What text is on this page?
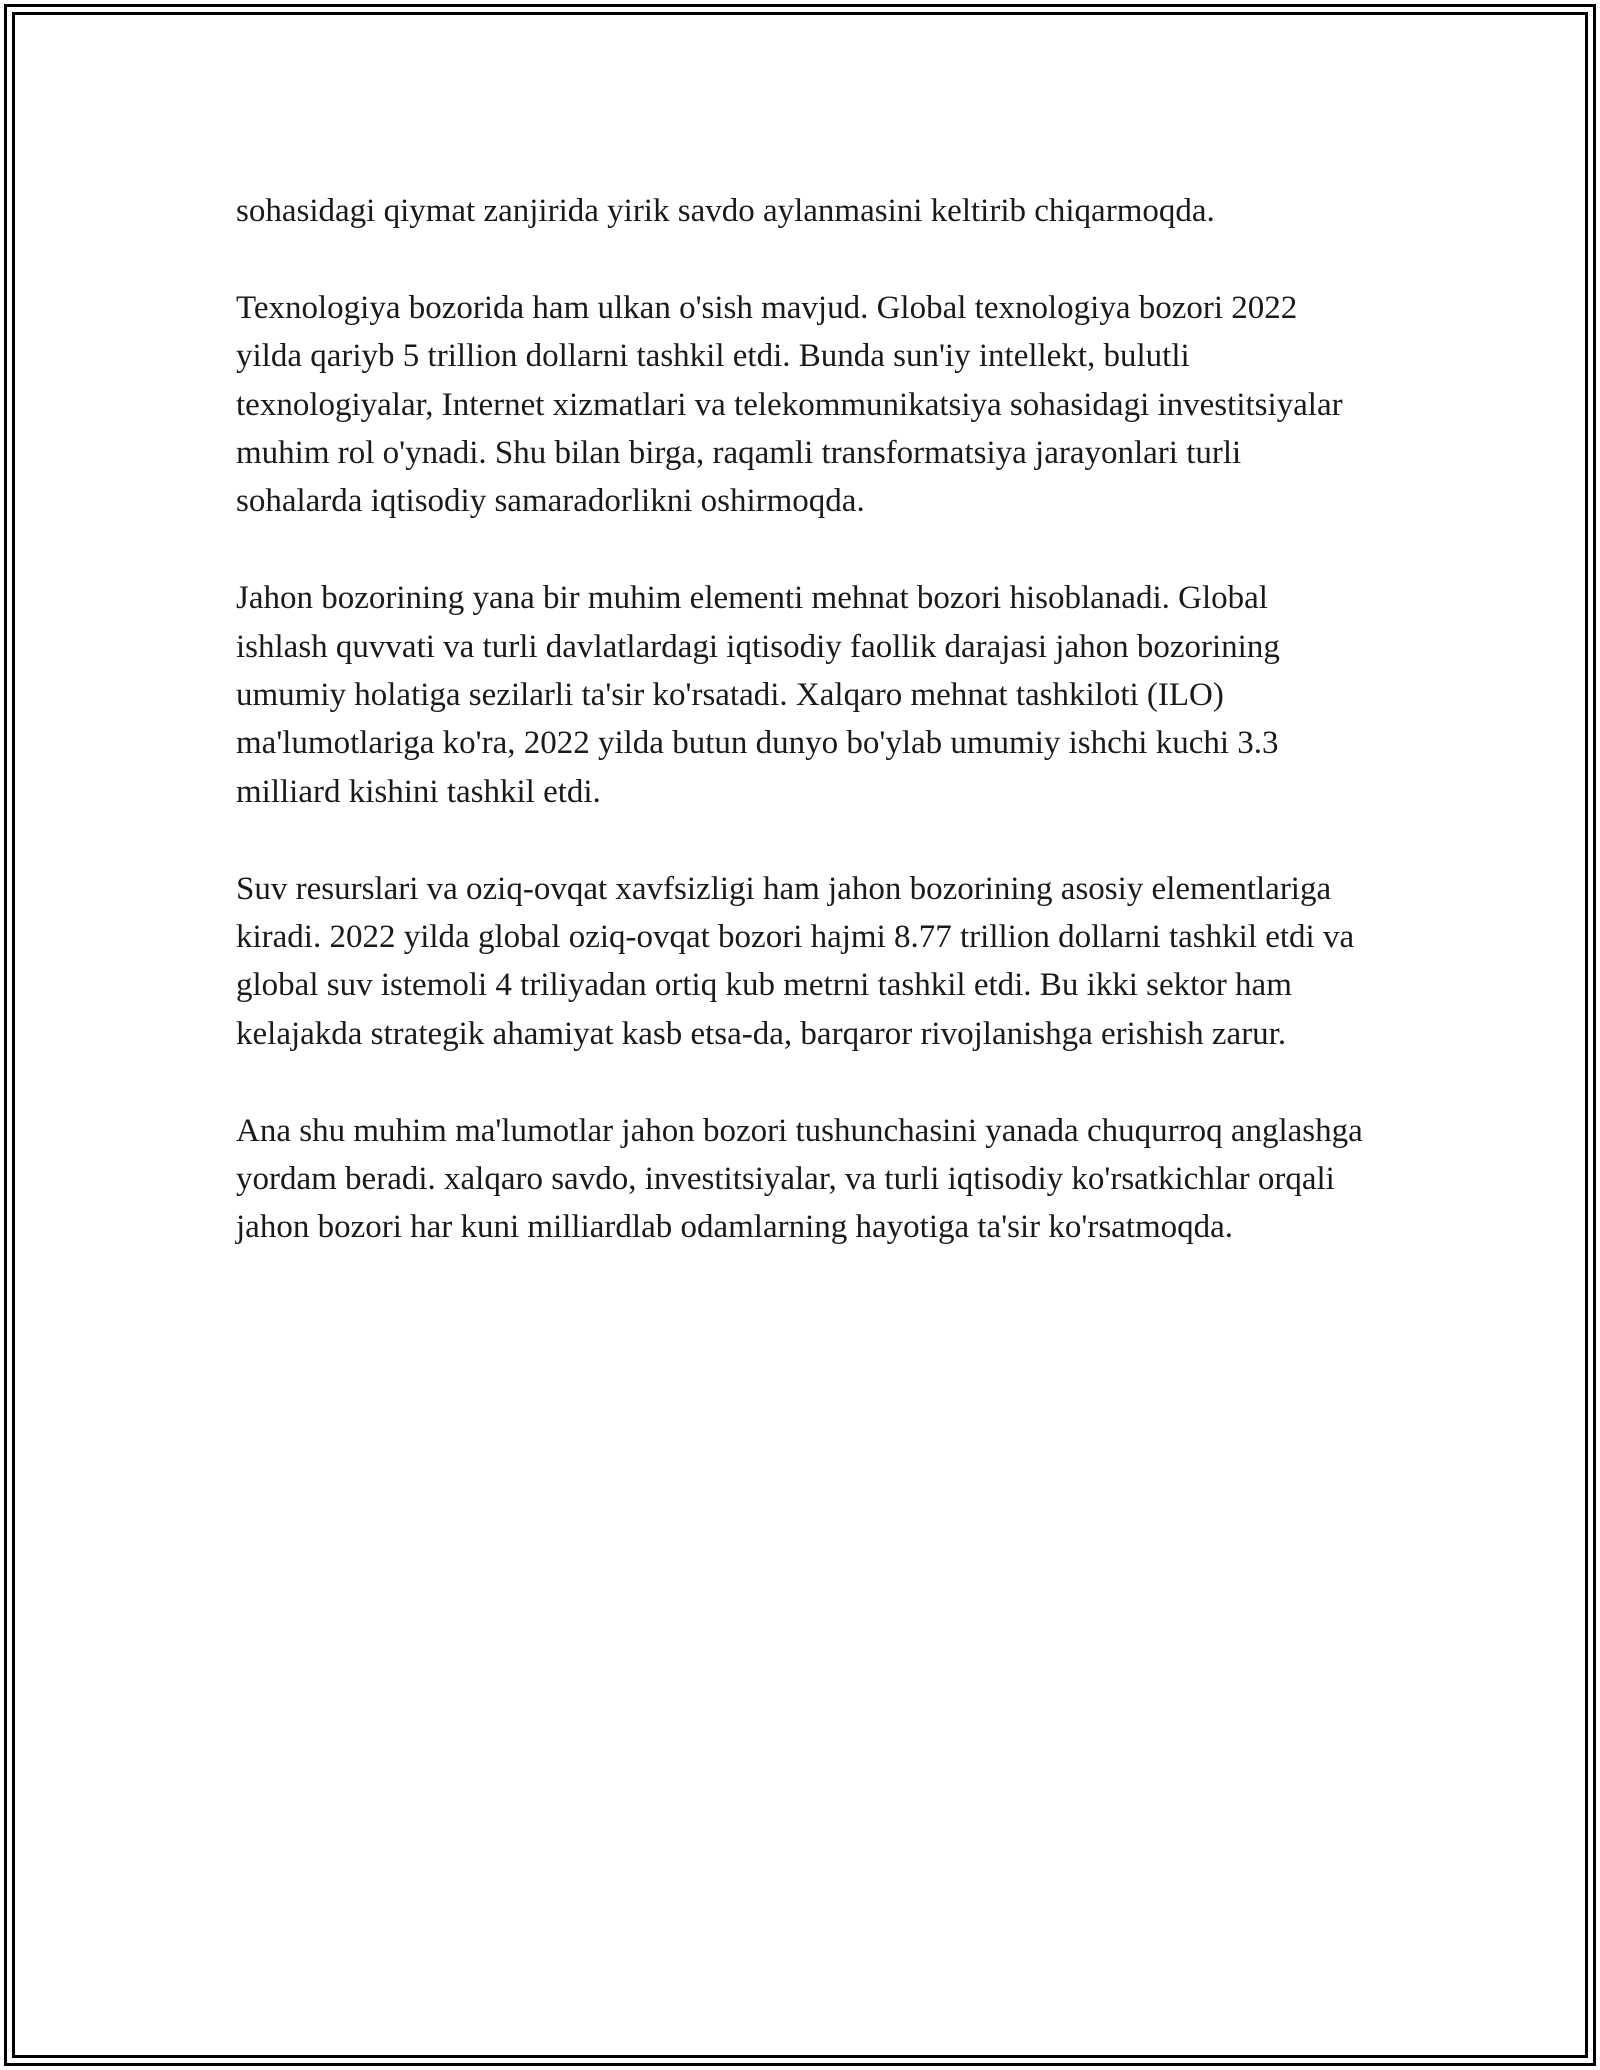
sohasidagi qiymat zanjirida yirik savdo aylanmasini keltirib chiqarmoqda.

Texnologiya bozorida ham ulkan o'sish mavjud. Global texnologiya bozori 2022 yilda qariyb 5 trillion dollarni tashkil etdi. Bunda sun'iy intellekt, bulutli texnologiyalar, Internet xizmatlari va telekommunikatsiya sohasidagi investitsiyalar muhim rol o'ynadi. Shu bilan birga, raqamli transformatsiya jarayonlari turli sohalarda iqtisodiy samaradorlikni oshirmoqda.

Jahon bozorining yana bir muhim elementi mehnat bozori hisoblanadi. Global ishlash quvvati va turli davlatlardagi iqtisodiy faollik darajasi jahon bozorining umumiy holatiga sezilarli ta'sir ko'rsatadi. Xalqaro mehnat tashkiloti (ILO) ma'lumotlariga ko'ra, 2022 yilda butun dunyo bo'ylab umumiy ishchi kuchi 3.3 milliard kishini tashkil etdi.

Suv resurslari va oziq-ovqat xavfsizligi ham jahon bozorining asosiy elementlariga kiradi. 2022 yilda global oziq-ovqat bozori hajmi 8.77 trillion dollarni tashkil etdi va global suv istemoli 4 triliyadan ortiq kub metrni tashkil etdi. Bu ikki sektor ham kelajakda strategik ahamiyat kasb etsa-da, barqaror rivojlanishga erishish zarur.

Ana shu muhim ma'lumotlar jahon bozori tushunchasini yanada chuqurroq anglashga yordam beradi. xalqaro savdo, investitsiyalar, va turli iqtisodiy ko'rsatkichlar orqali jahon bozori har kuni milliardlab odamlarning hayotiga ta'sir ko'rsatmoqda.
